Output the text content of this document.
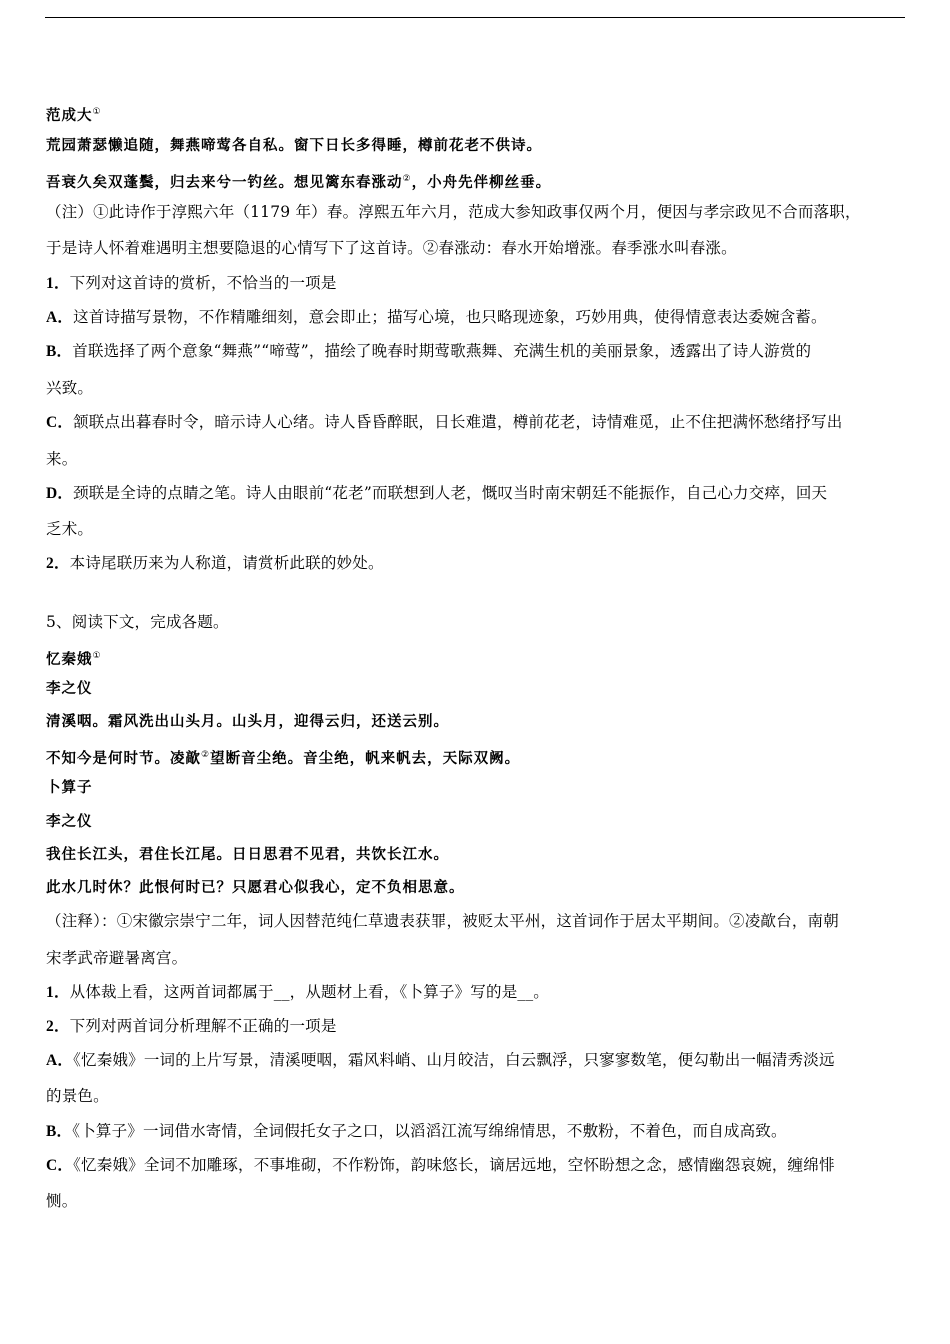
范成大①
荒园萧瑟懒追随，舞燕啼莺各自私。窗下日长多得睡，樽前花老不供诗。
吾衰久矣双蓬鬓，归去来兮一钓丝。想见篱东春涨动②，小舟先伴柳丝垂。
（注）①此诗作于淳熙六年（1179 年）春。淳熙五年六月，范成大参知政事仅两个月，便因与孝宗政见不合而落职，
于是诗人怀着难遇明主想要隐退的心情写下了这首诗。②春涨动：春水开始增涨。春季涨水叫春涨。
1．下列对这首诗的赏析，不恰当的一项是
A．这首诗描写景物，不作精雕细刻，意会即止；描写心境，也只略现迹象，巧妙用典，使得情意表达委婉含蓄。
B．首联选择了两个意象“舞燕”“啼莺”，描绘了晚春时期莺歌燕舞、充满生机的美丽景象，透露出了诗人游赏的
兴致。
C．颔联点出暮春时令，暗示诗人心绪。诗人昏昏醉眠，日长难遣，樽前花老，诗情难觅，止不住把满怀愁绪抒写出
来。
D．颈联是全诗的点睛之笔。诗人由眼前“花老”而联想到人老，慨叹当时南宋朝廷不能振作，自己心力交瘁，回天
乏术。
2．本诗尾联历来为人称道，请赏析此联的妙处。
5、阅读下文，完成各题。
忆秦娥①
李之仪
清溪咽。霜风洗出山头月。山头月，迎得云归，还送云别。
不知今是何时节。凌歊②望断音尘绝。音尘绝，帆来帆去，天际双阙。
卜算子
李之仪
我住长江头，君住长江尾。日日思君不见君，共饮长江水。
此水几时休？此恨何时已？只愿君心似我心，定不负相思意。
（注释）：①宋徽宗崇宁二年，词人因替范纯仁草遗表获罪，被贬太平州，这首词作于居太平期间。②凌歊台，南朝
宋孝武帝避暑离宫。
1．从体裁上看，这两首词都属于__，从题材上看，《卜算子》写的是__。
2．下列对两首词分析理解不正确的一项是
A．《忆秦娥》一词的上片写景，清溪哽咽，霜风料峭、山月皎洁，白云飘浮，只寥寥数笔，便勾勒出一幅清秀淡远
的景色。
B．《卜算子》一词借水寄情，全词假托女子之口，以滔滔江流写绵绵情思，不敷粉，不着色，而自成高致。
C．《忆秦娥》全词不加雕琢，不事堆砌，不作粉饰，韵味悠长，谪居远地，空怀盼想之念，感情幽怨哀婉，缠绵悱
恻。
